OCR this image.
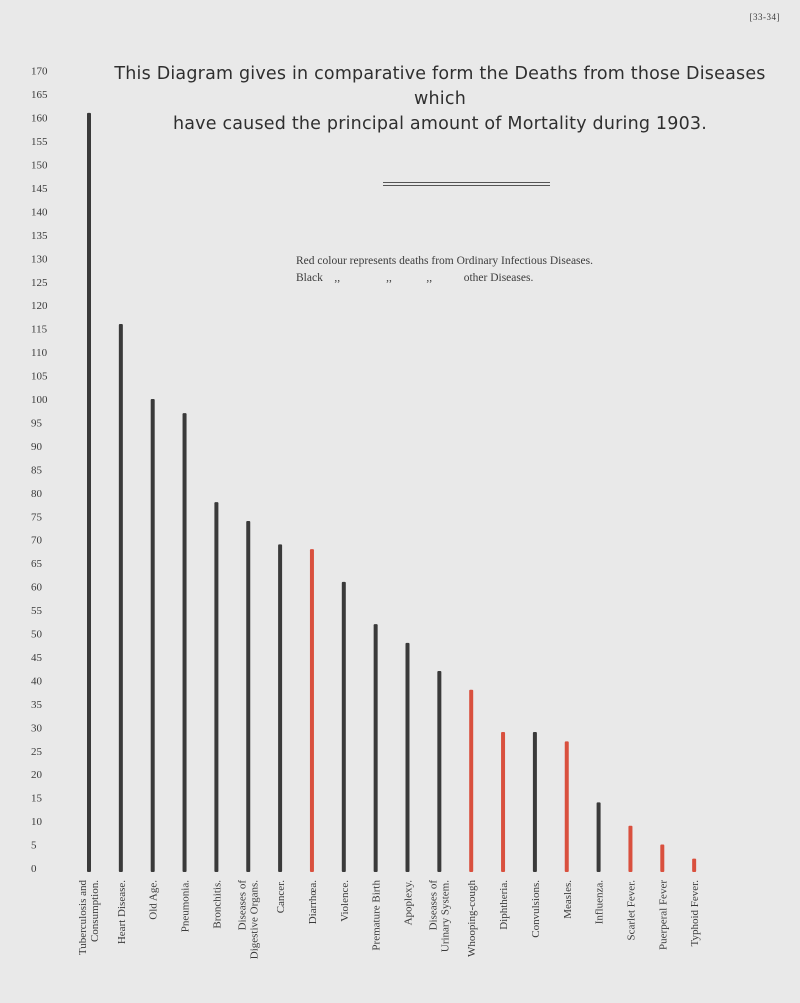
[33-34]
This Diagram gives in comparative form the Deaths from those Diseases which
have caused the principal amount of Mortality during 1903.
Red colour represents deaths from Ordinary Infectious Diseases.
Black    ,,                ,,            ,,           other Diseases.
0
5
10
15
20
25
30
35
40
45
50
55
60
65
70
75
80
85
90
95
100
105
110
115
120
125
130
135
140
145
150
155
160
165
170
Tuberculosis and Consumption. Heart Disease. Old Age. Pneumonia. Bronchitis. Diseases of Digestive Organs. Cancer. Diarrhœa. Violence. Premature Birth Apoplexy. Diseases of Urinary System. Whooping-cough Diphtheria. Convulsions. Measles. Influenza. Scarlet Fever. Puerperal Fever Typhoid Fever.
